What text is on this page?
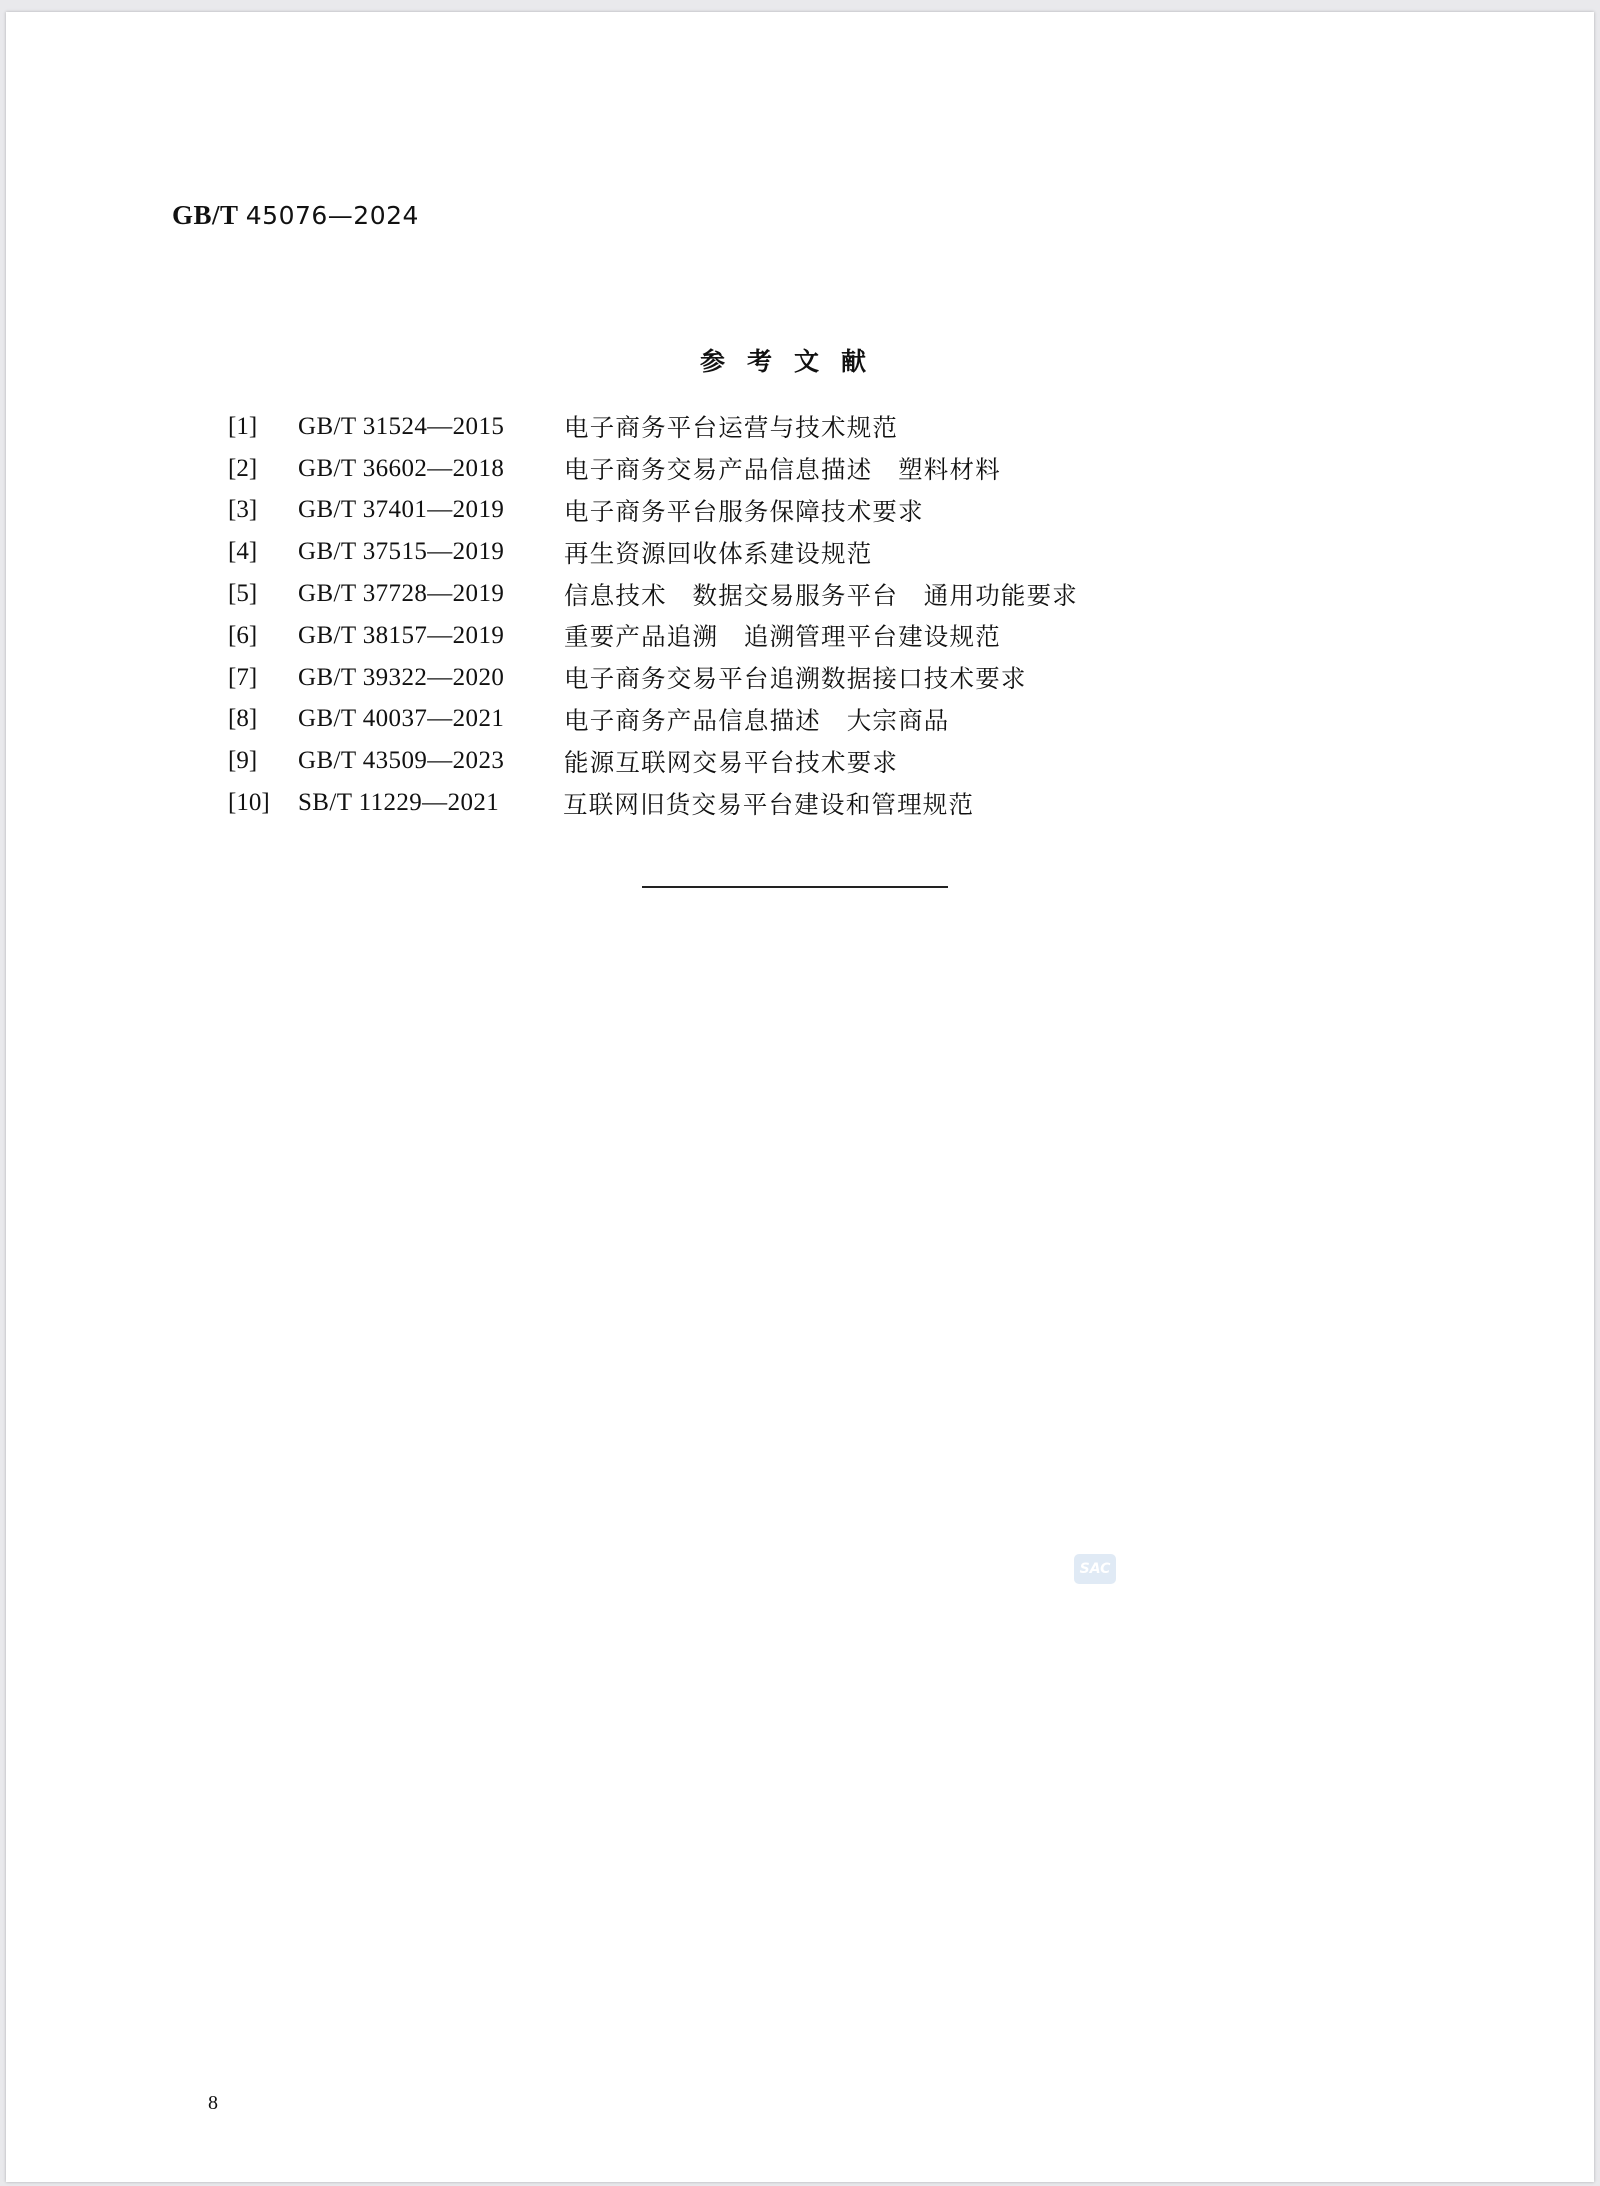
GB/T 45076—2024
参考文献
[1]	GB/T 31524—2015	电子商务平台运营与技术规范
[2]	GB/T 36602—2018	电子商务交易产品信息描述　塑料材料
[3]	GB/T 37401—2019	电子商务平台服务保障技术要求
[4]	GB/T 37515—2019	再生资源回收体系建设规范
[5]	GB/T 37728—2019	信息技术　数据交易服务平台　通用功能要求
[6]	GB/T 38157—2019	重要产品追溯　追溯管理平台建设规范
[7]	GB/T 39322—2020	电子商务交易平台追溯数据接口技术要求
[8]	GB/T 40037—2021	电子商务产品信息描述　大宗商品
[9]	GB/T 43509—2023	能源互联网交易平台技术要求
[10]	SB/T 11229—2021	互联网旧货交易平台建设和管理规范
SAC
8
